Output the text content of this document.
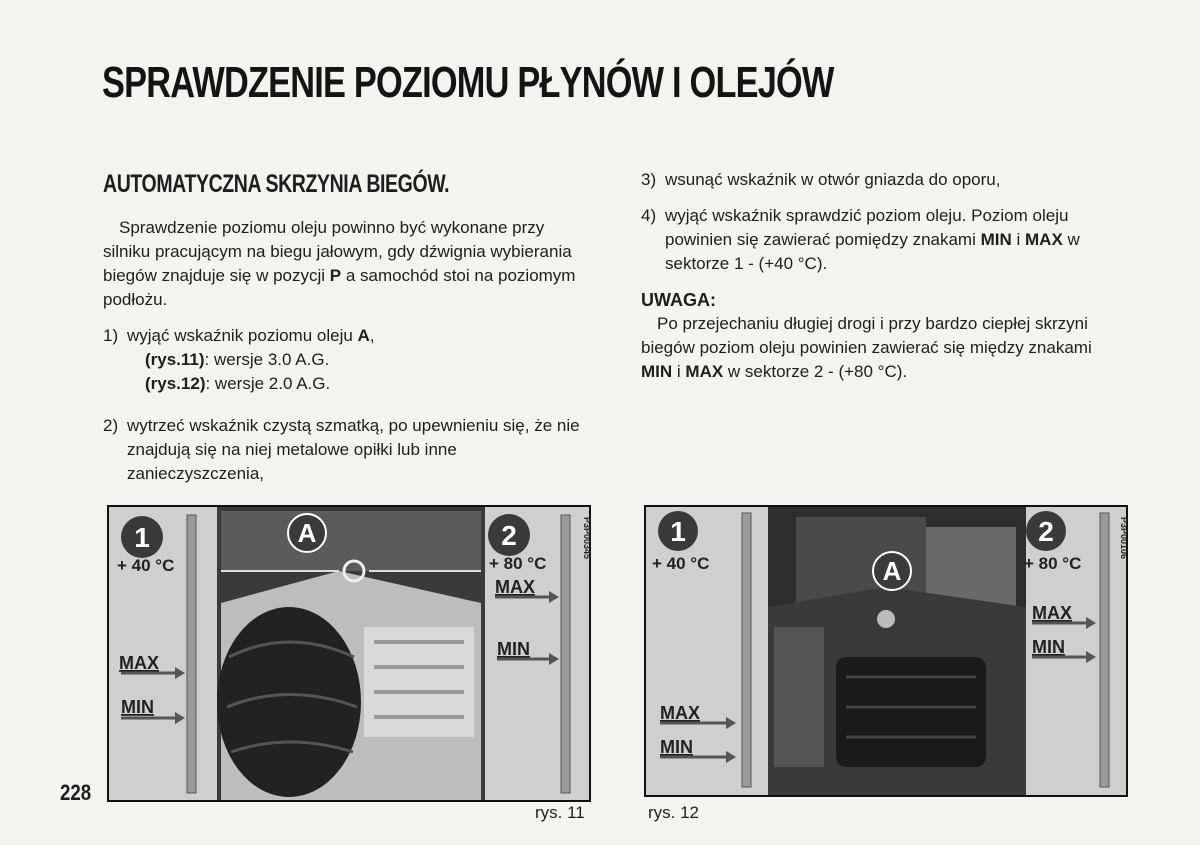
SPRAWDZENIE POZIOMU PŁYNÓW I OLEJÓW
AUTOMATYCZNA SKRZYNIA BIEGÓW.

Sprawdzenie poziomu oleju powinno być wykonane przy silniku pracującym na biegu jałowym, gdy dźwignia wybierania biegów znajduje się w pozycji P a samochód stoi na poziomym podłożu.

1) wyjąć wskaźnik poziomu oleju A,
(rys.11): wersje 3.0 A.G.
(rys.12): wersje 2.0 A.G.
2) wytrzeć wskaźnik czystą szmatką, po upewnieniu się, że nie znajdują się na niej metalowe opiłki lub inne zanieczyszczenia,
3) wsunąć wskaźnik w otwór gniazda do oporu,
4) wyjąć wskaźnik sprawdzić poziom oleju. Poziom oleju powinien się zawierać pomiędzy znakami MIN i MAX w sektorze 1 - (+40 °C).

UWAGA:

Po przejechaniu długiej drogi i przy bardzo ciepłej skrzyni biegów poziom oleju powinien zawierać się między znakami MIN i MAX w sektorze 2 - (+80 °C).

1	A	2
+ 40 °C	+ 80 °C
P3P00345
MAX
MIN
MAX
MIN
1
A
2
+ 40 °C	+ 80 °C
P3P00106
MAX
MIN
MAX
MIN
228
rys. 11	rys. 12
